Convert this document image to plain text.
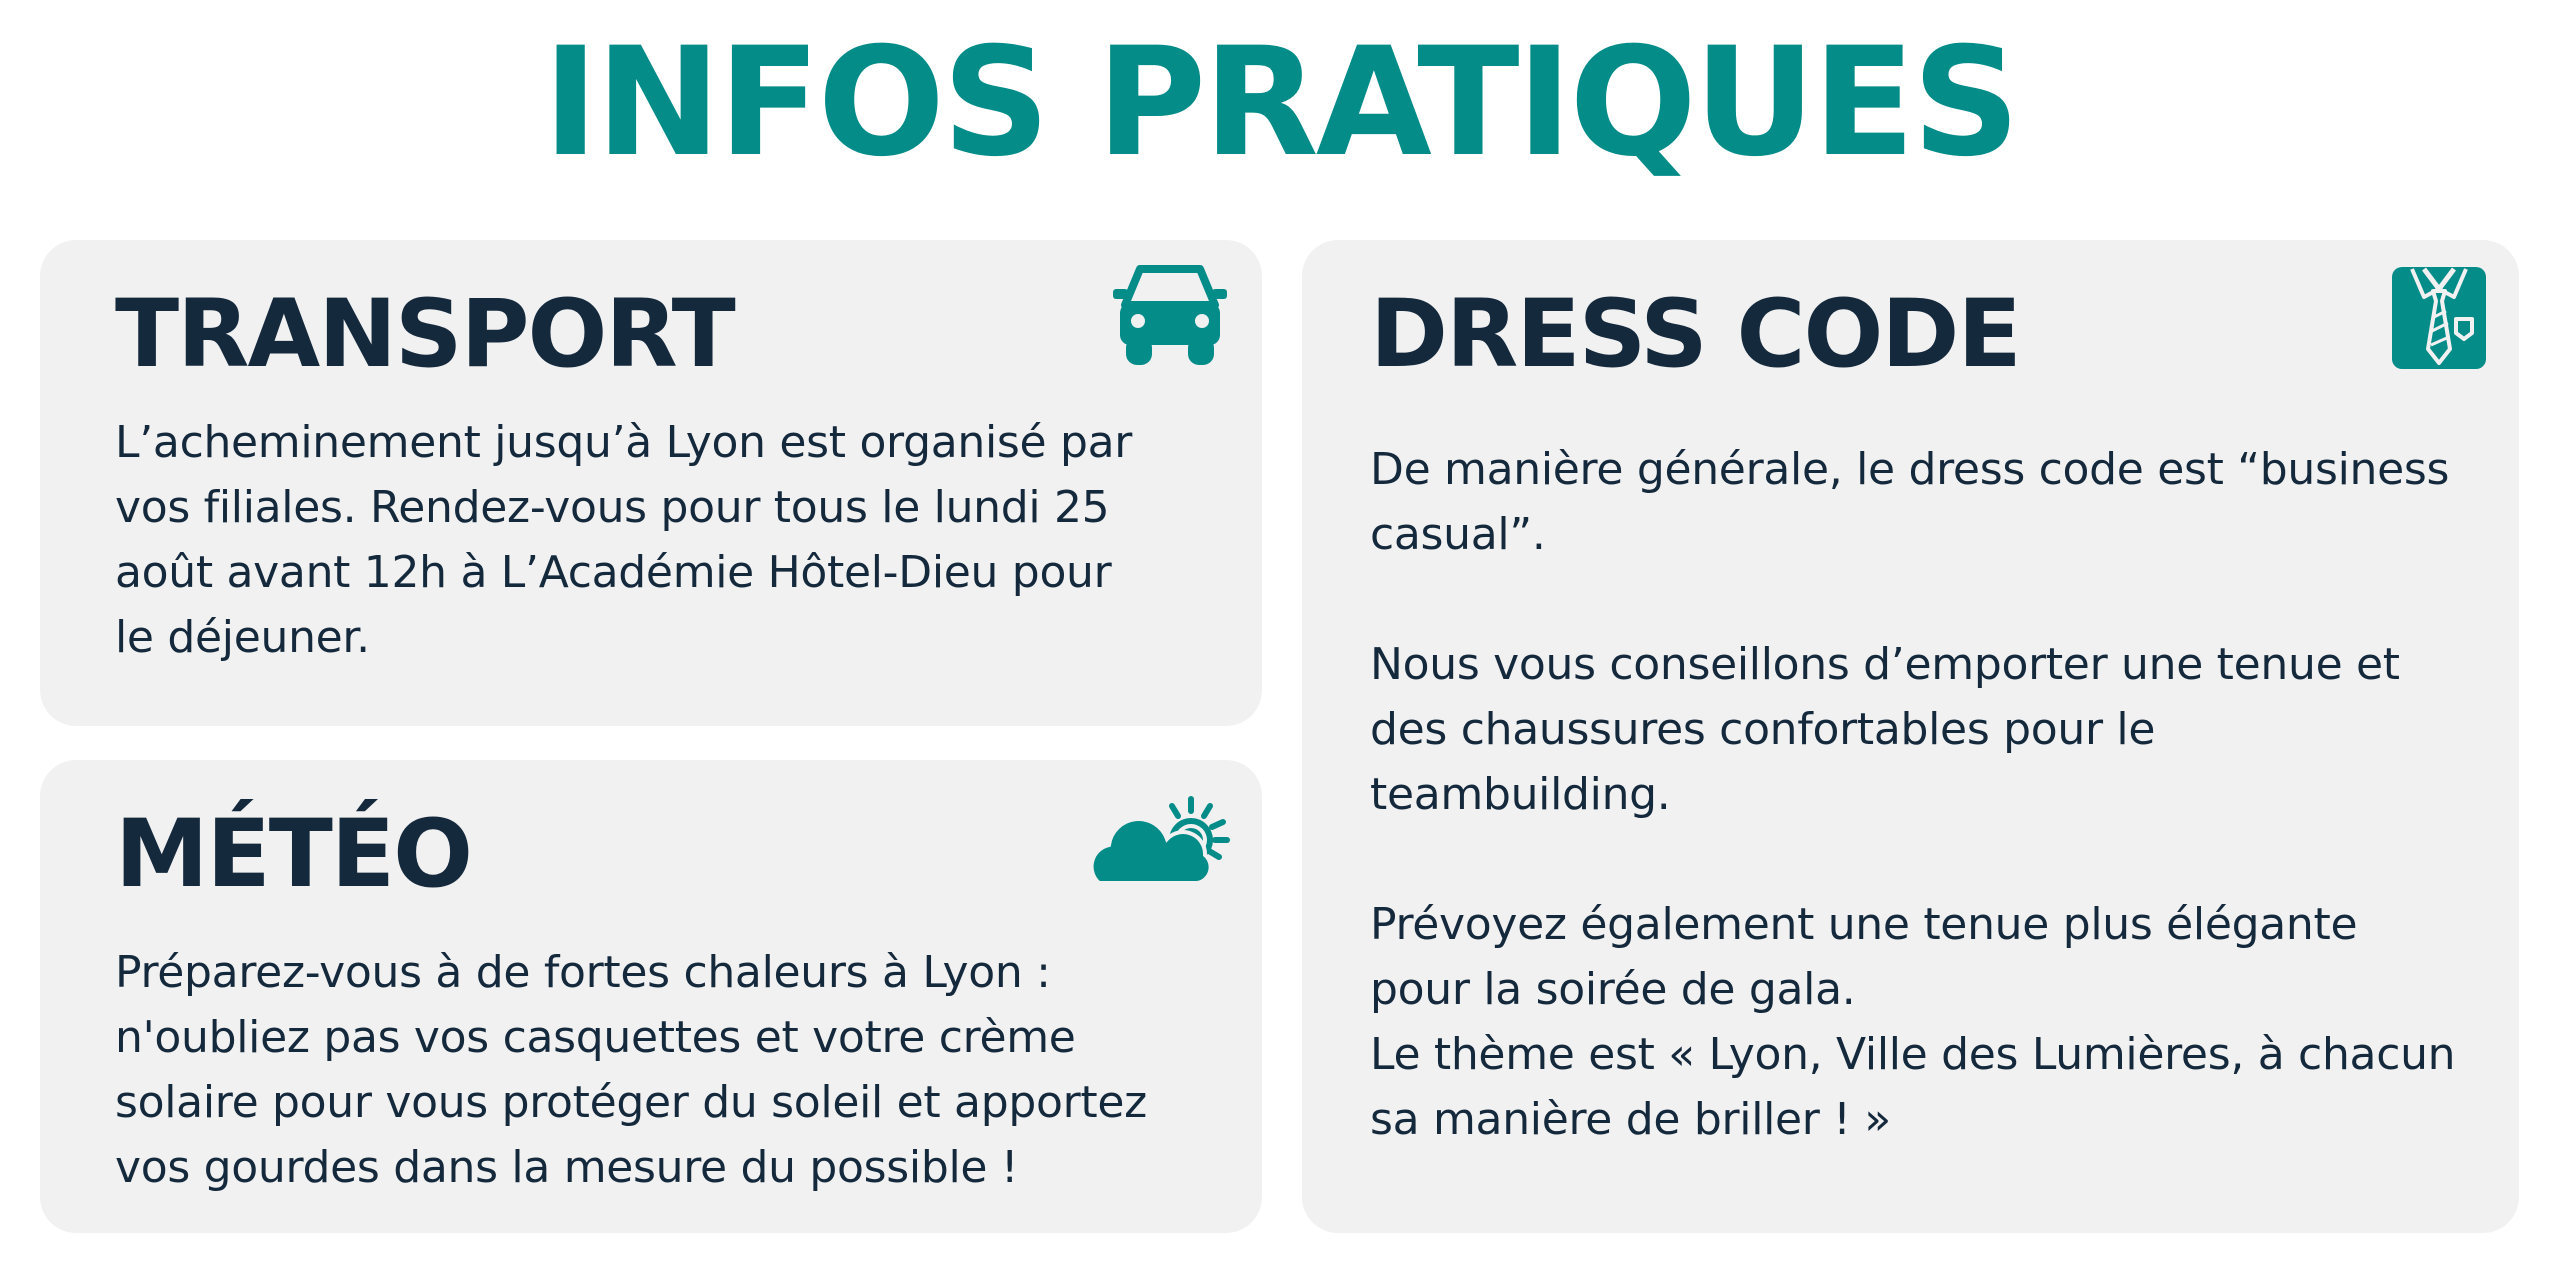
INFOS PRATIQUES
TRANSPORT

L’acheminement jusqu’à Lyon est organisé par

vos filiales. Rendez-vous pour tous le lundi 25

août avant 12h à L’Académie Hôtel-Dieu pour

le déjeuner.

MÉTÉO

Préparez-vous à de fortes chaleurs à Lyon :

n'oubliez pas vos casquettes et votre crème

solaire pour vous protéger du soleil et apportez

vos gourdes dans la mesure du possible !

DRESS CODE

De manière générale, le dress code est “business

casual”.

Nous vous conseillons d’emporter une tenue et

des chaussures confortables pour le

teambuilding.

Prévoyez également une tenue plus élégante

pour la soirée de gala.

Le thème est « Lyon, Ville des Lumières, à chacun

sa manière de briller ! »
